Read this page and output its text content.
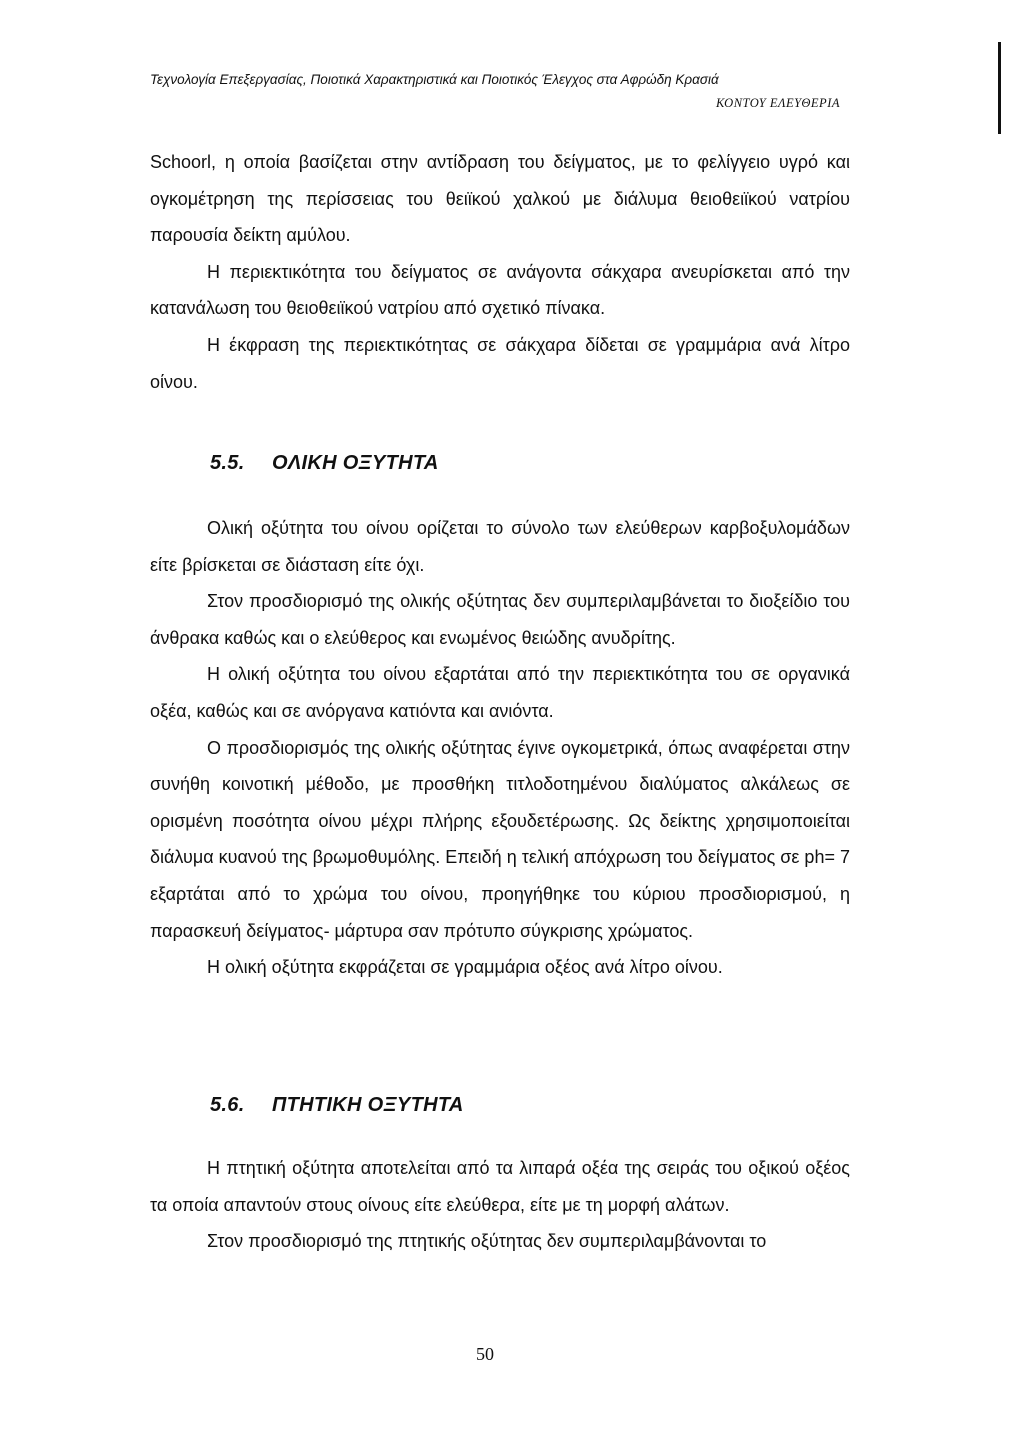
Τεχνολογία Επεξεργασίας, Ποιοτικά Χαρακτηριστικά και Ποιοτικός Έλεγχος στα Αφρώδη Κρασιά
ΚΟΝΤΟΥ ΕΛΕΥΘΕΡΙΑ

Schoorl, η οποία βασίζεται στην αντίδραση του δείγματος, με το φελίγγειο υγρό και ογκομέτρηση της περίσσειας του θειϊκού χαλκού με διάλυμα θειοθειϊκού νατρίου παρουσία δείκτη αμύλου.

Η περιεκτικότητα του δείγματος σε ανάγοντα σάκχαρα ανευρίσκεται από την κατανάλωση του θειοθειϊκού νατρίου από σχετικό πίνακα.

Η έκφραση της περιεκτικότητας σε σάκχαρα δίδεται σε γραμμάρια ανά λίτρο οίνου.

5.5. ΟΛΙΚΗ ΟΞΥΤΗΤΑ

Ολική οξύτητα του οίνου ορίζεται το σύνολο των ελεύθερων καρβοξυλομάδων είτε βρίσκεται σε διάσταση είτε όχι.

Στον προσδιορισμό της ολικής οξύτητας δεν συμπεριλαμβάνεται το διοξείδιο του άνθρακα καθώς και ο ελεύθερος και ενωμένος θειώδης ανυδρίτης.

Η ολική οξύτητα του οίνου εξαρτάται από την περιεκτικότητα του σε οργανικά οξέα, καθώς και σε ανόργανα κατιόντα και ανιόντα.

Ο προσδιορισμός της ολικής οξύτητας έγινε ογκομετρικά, όπως αναφέρεται στην συνήθη κοινοτική μέθοδο, με προσθήκη τιτλοδοτημένου διαλύματος αλκάλεως σε ορισμένη ποσότητα οίνου μέχρι πλήρης εξουδετέρωσης. Ως δείκτης χρησιμοποιείται διάλυμα κυανού της βρωμοθυμόλης. Επειδή η τελική απόχρωση του δείγματος σε ph= 7 εξαρτάται από το χρώμα του οίνου, προηγήθηκε του κύριου προσδιορισμού, η παρασκευή δείγματος- μάρτυρα σαν πρότυπο σύγκρισης χρώματος.

Η ολική οξύτητα εκφράζεται σε γραμμάρια οξέος ανά λίτρο οίνου.

5.6. ΠΤΗΤΙΚΗ ΟΞΥΤΗΤΑ

Η πτητική οξύτητα αποτελείται από τα λιπαρά οξέα της σειράς του οξικού οξέος τα οποία απαντούν στους οίνους είτε ελεύθερα, είτε με τη μορφή αλάτων.

Στον προσδιορισμό της πτητικής οξύτητας δεν συμπεριλαμβάνονται το

50
